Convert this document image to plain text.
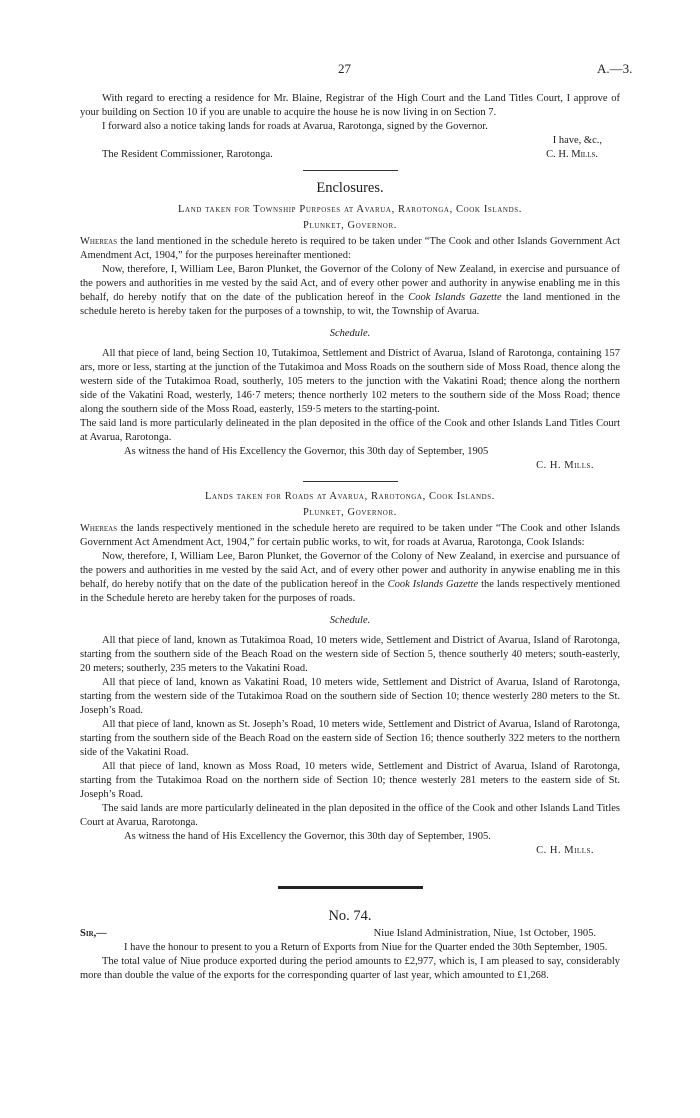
27	A.—3.

With regard to erecting a residence for Mr. Blaine, Registrar of the High Court and the Land Titles Court, I approve of your building on Section 10 if you are unable to acquire the house he is now living in on Section 7.

I forward also a notice taking lands for roads at Avarua, Rarotonga, signed by the Governor.

I have, &c.,

The Resident Commissioner, Rarotonga.	C. H. Mills.
Enclosures.
Land taken for Township Purposes at Avarua, Rarotonga, Cook Islands.
Plunket, Governor.

Whereas the land mentioned in the schedule hereto is required to be taken under “The Cook and other Islands Government Act Amendment Act, 1904,” for the purposes hereinafter mentioned:

Now, therefore, I, William Lee, Baron Plunket, the Governor of the Colony of New Zealand, in exercise and pursuance of the powers and authorities in me vested by the said Act, and of every other power and authority in anywise enabling me in this behalf, do hereby notify that on the date of the publication hereof in the Cook Islands Gazette the land mentioned in the schedule hereto is hereby taken for the purposes of a township, to wit, the Township of Avarua.

Schedule.

All that piece of land, being Section 10, Tutakimoa, Settlement and District of Avarua, Island of Rarotonga, containing 157 ars, more or less, starting at the junction of the Tutakimoa and Moss Roads on the southern side of Moss Road, thence along the western side of the Tutakimoa Road, southerly, 105 meters to the junction with the Vakatini Road; thence along the northern side of the Vakatini Road, westerly, 146·7 meters; thence northerly 102 meters to the southern side of the Moss Road; thence along the southern side of the Moss Road, easterly, 159·5 meters to the starting-point.

The said land is more particularly delineated in the plan deposited in the office of the Cook and other Islands Land Titles Court at Avarua, Rarotonga.

As witness the hand of His Excellency the Governor, this 30th day of September, 1905

C. H. Mills.

Lands taken for Roads at Avarua, Rarotonga, Cook Islands.
Plunket, Governor.

Whereas the lands respectively mentioned in the schedule hereto are required to be taken under “The Cook and other Islands Government Act Amendment Act, 1904,” for certain public works, to wit, for roads at Avarua, Rarotonga, Cook Islands:

Now, therefore, I, William Lee, Baron Plunket, the Governor of the Colony of New Zealand, in exercise and pursuance of the powers and authorities in me vested by the said Act, and of every other power and authority in anywise enabling me in this behalf, do hereby notify that on the date of the publication hereof in the Cook Islands Gazette the lands respectively mentioned in the Schedule hereto are hereby taken for the purposes of roads.

Schedule.

All that piece of land, known as Tutakimoa Road, 10 meters wide, Settlement and District of Avarua, Island of Rarotonga, starting from the southern side of the Beach Road on the western side of Section 5, thence southerly 40 meters; south-easterly, 20 meters; southerly, 235 meters to the Vakatini Road.

All that piece of land, known as Vakatini Road, 10 meters wide, Settlement and District of Avarua, Island of Rarotonga, starting from the western side of the Tutakimoa Road on the southern side of Section 10; thence westerly 280 meters to the St. Joseph’s Road.

All that piece of land, known as St. Joseph’s Road, 10 meters wide, Settlement and District of Avarua, Island of Rarotonga, starting from the southern side of the Beach Road on the eastern side of Section 16; thence southerly 322 meters to the northern side of the Vakatini Road.

All that piece of land, known as Moss Road, 10 meters wide, Settlement and District of Avarua, Island of Rarotonga, starting from the Tutakimoa Road on the northern side of Section 10; thence westerly 281 meters to the eastern side of St. Joseph’s Road.

The said lands are more particularly delineated in the plan deposited in the office of the Cook and other Islands Land Titles Court at Avarua, Rarotonga.

As witness the hand of His Excellency the Governor, this 30th day of September, 1905.

C. H. Mills.

No. 74.
Sir,—	Niue Island Administration, Niue, 1st October, 1905.

I have the honour to present to you a Return of Exports from Niue for the Quarter ended the 30th September, 1905.

The total value of Niue produce exported during the period amounts to £2,977, which is, I am pleased to say, considerably more than double the value of the exports for the corresponding quarter of last year, which amounted to £1,268.
